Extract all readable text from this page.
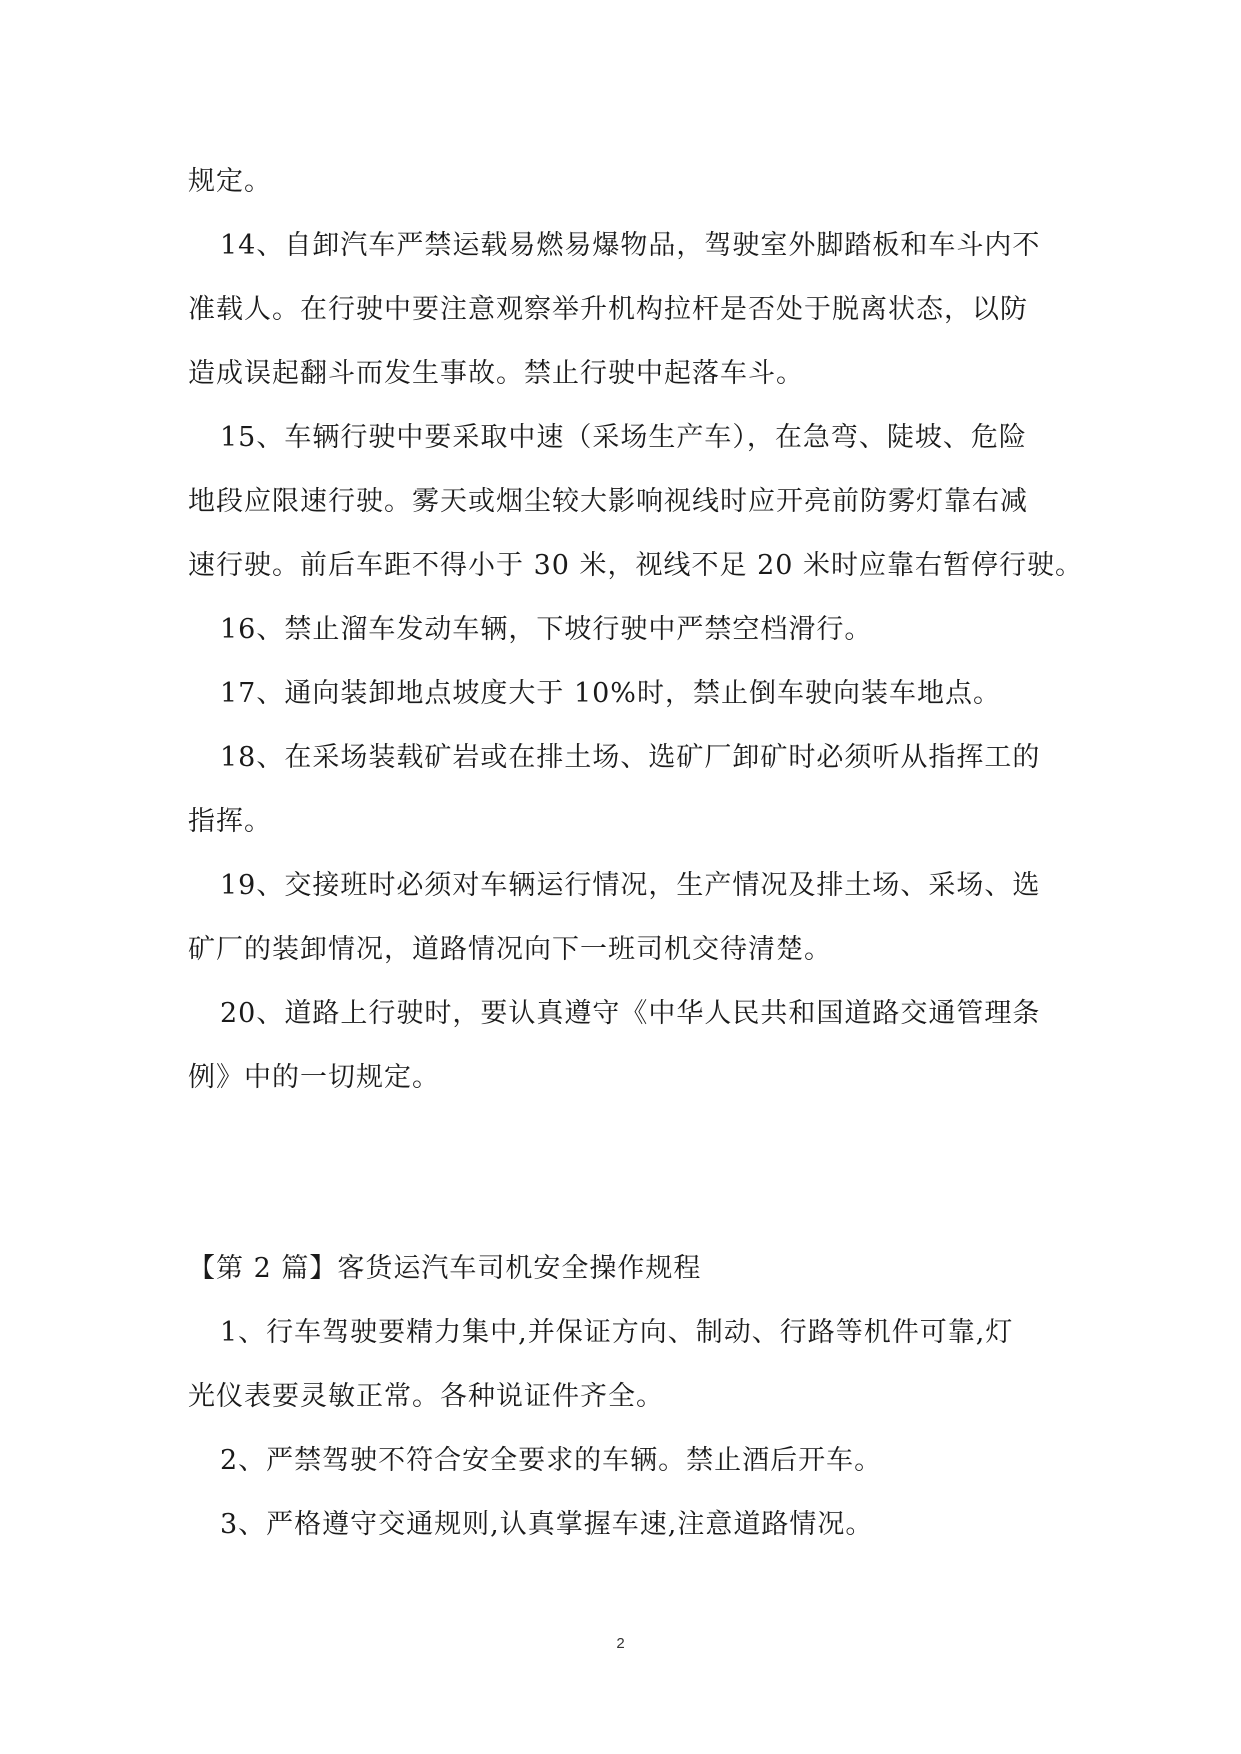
规定。
14、自卸汽车严禁运载易燃易爆物品，驾驶室外脚踏板和车斗内不
准载人。在行驶中要注意观察举升机构拉杆是否处于脱离状态，以防
造成误起翻斗而发生事故。禁止行驶中起落车斗。
15、车辆行驶中要采取中速（采场生产车），在急弯、陡坡、危险
地段应限速行驶。雾天或烟尘较大影响视线时应开亮前防雾灯靠右减
速行驶。前后车距不得小于 30 米，视线不足 20 米时应靠右暂停行驶。
16、禁止溜车发动车辆，下坡行驶中严禁空档滑行。
17、通向装卸地点坡度大于 10%时，禁止倒车驶向装车地点。
18、在采场装载矿岩或在排土场、选矿厂卸矿时必须听从指挥工的
指挥。
19、交接班时必须对车辆运行情况，生产情况及排土场、采场、选
矿厂的装卸情况，道路情况向下一班司机交待清楚。
20、道路上行驶时，要认真遵守《中华人民共和国道路交通管理条
例》中的一切规定。
【第 2 篇】客货运汽车司机安全操作规程
1、行车驾驶要精力集中,并保证方向、制动、行路等机件可靠,灯
光仪表要灵敏正常。各种说证件齐全。
2、严禁驾驶不符合安全要求的车辆。禁止酒后开车。
3、严格遵守交通规则,认真掌握车速,注意道路情况。
2
